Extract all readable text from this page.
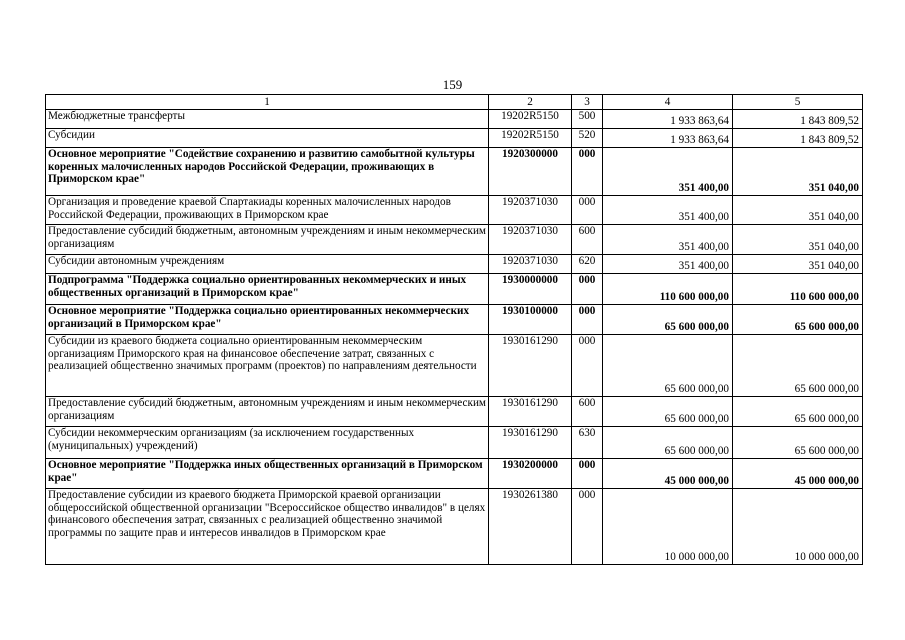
159
1	2	3	4	5
Межбюджетные трансферты	19202R5150	500	1 933 863,64	1 843 809,52
Субсидии	19202R5150	520	1 933 863,64	1 843 809,52
Основное мероприятие "Содействие сохранению и развитию самобытной культуры коренных малочисленных народов Российской Федерации, проживающих в Приморском крае"	1920300000	000	351 400,00	351 040,00
Организация и проведение краевой Спартакиады коренных малочисленных народов Российской Федерации, проживающих в Приморском крае	1920371030	000	351 400,00	351 040,00
Предоставление субсидий бюджетным, автономным учреждениям и иным некоммерческим организациям	1920371030	600	351 400,00	351 040,00
Субсидии автономным учреждениям	1920371030	620	351 400,00	351 040,00
Подпрограмма "Поддержка социально ориентированных некоммерческих и иных общественных организаций в Приморском крае"	1930000000	000	110 600 000,00	110 600 000,00
Основное мероприятие "Поддержка социально ориентированных некоммерческих организаций в Приморском крае"	1930100000	000	65 600 000,00	65 600 000,00
Субсидии из краевого бюджета социально ориентированным некоммерческим организациям Приморского края на финансовое обеспечение затрат, связанных с реализацией общественно значимых программ (проектов) по направлениям деятельности	1930161290	000	65 600 000,00	65 600 000,00
Предоставление субсидий бюджетным, автономным учреждениям и иным некоммерческим организациям	1930161290	600	65 600 000,00	65 600 000,00
Субсидии некоммерческим организациям (за исключением государственных (муниципальных) учреждений)	1930161290	630	65 600 000,00	65 600 000,00
Основное мероприятие "Поддержка иных общественных организаций в Приморском крае"	1930200000	000	45 000 000,00	45 000 000,00
Предоставление субсидии из краевого бюджета Приморской краевой организации общероссийской общественной организации "Всероссийское общество инвалидов" в целях финансового обеспечения затрат, связанных с реализацией общественно значимой программы по защите прав и интересов инвалидов в Приморском крае	1930261380	000	10 000 000,00	10 000 000,00
